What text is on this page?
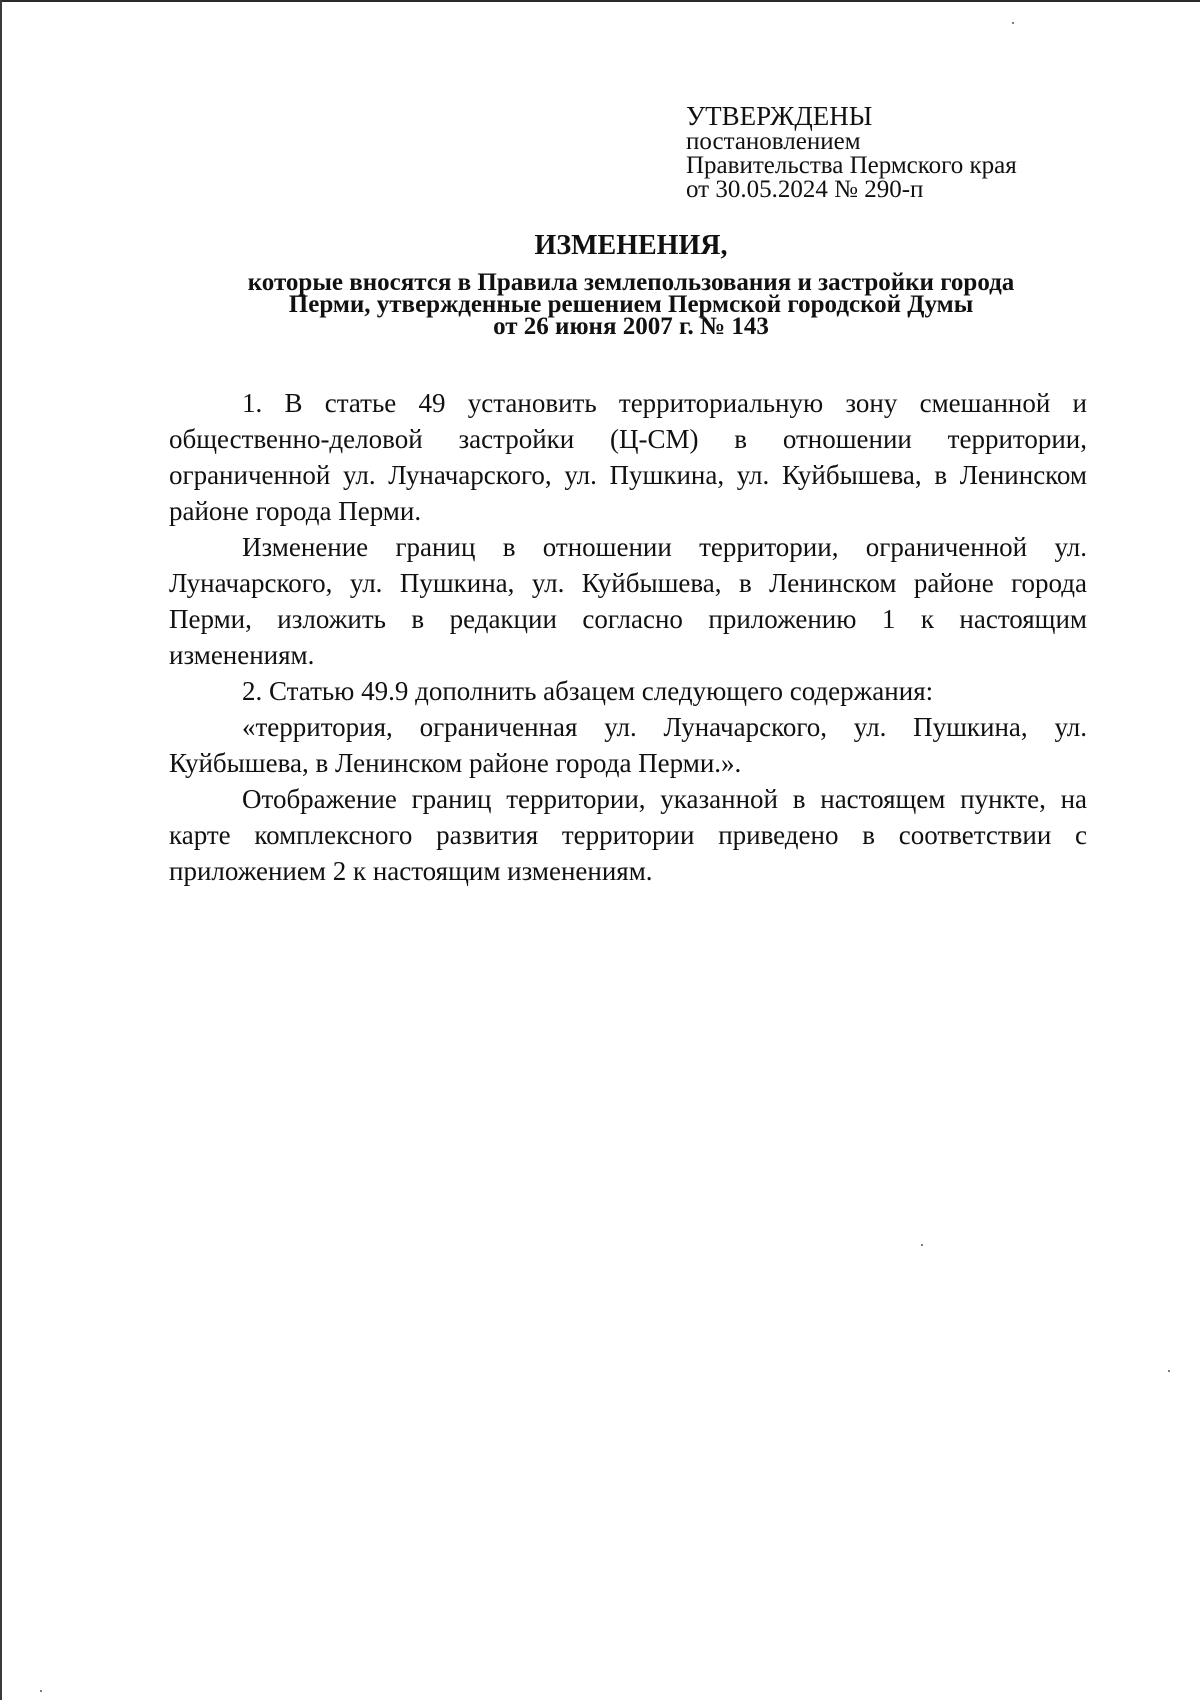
УТВЕРЖДЕНЫ
постановлением
Правительства Пермского края
от 30.05.2024 № 290-п
ИЗМЕНЕНИЯ,
которые вносятся в Правила землепользования и застройки города
Перми, утвержденные решением Пермской городской Думы
от 26 июня 2007 г. № 143

1. В статье 49 установить территориальную зону смешанной и общественно-деловой застройки (Ц-СМ) в отношении территории, ограниченной ул. Луначарского, ул. Пушкина, ул. Куйбышева, в Ленинском районе города Перми.

Изменение границ в отношении территории, ограниченной ул. Луначарского, ул. Пушкина, ул. Куйбышева, в Ленинском районе города Перми, изложить в редакции согласно приложению 1 к настоящим изменениям.

2. Статью 49.9 дополнить абзацем следующего содержания:

«территория, ограниченная ул. Луначарского, ул. Пушкина, ул. Куйбышева, в Ленинском районе города Перми.».

Отображение границ территории, указанной в настоящем пункте, на карте комплексного развития территории приведено в соответствии с приложением 2 к настоящим изменениям.
